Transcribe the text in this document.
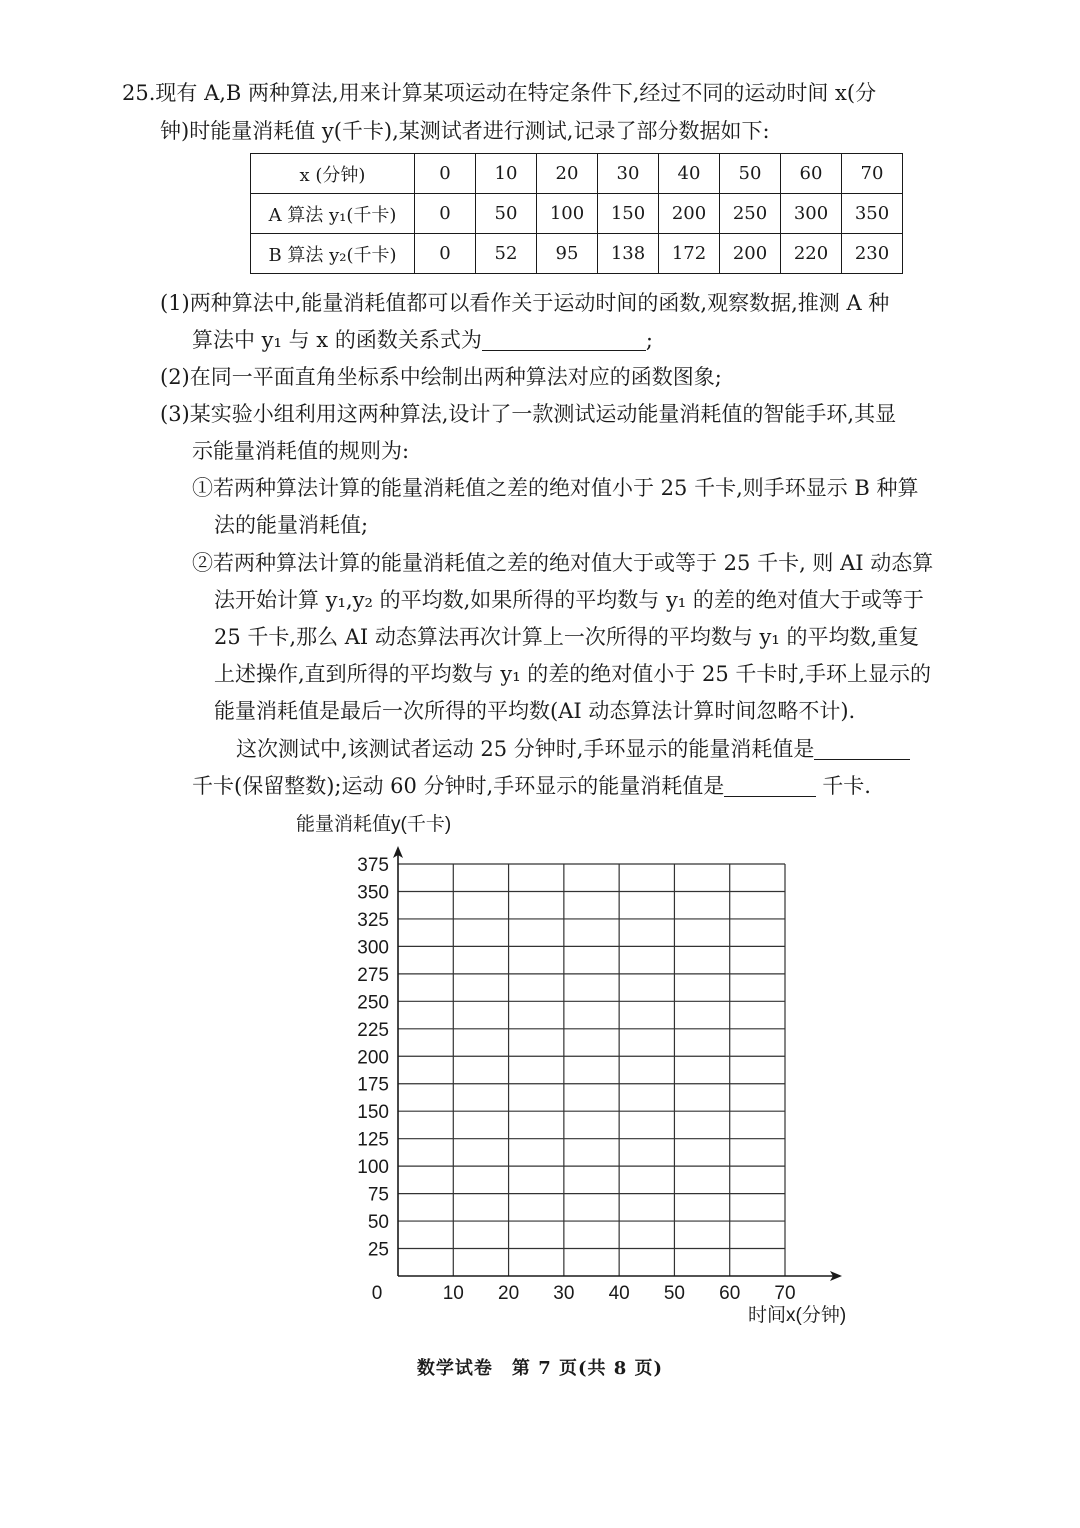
25.现有 A,B 两种算法,用来计算某项运动在特定条件下,经过不同的运动时间 x(分
钟)时能量消耗值 y(千卡),某测试者进行测试,记录了部分数据如下:
x (分钟)	0	10	20	30	40	50	60	70
A 算法 y₁(千卡)	0	50	100	150	200	250	300	350
B 算法 y₂(千卡)	0	52	95	138	172	200	220	230
(1)两种算法中,能量消耗值都可以看作关于运动时间的函数,观察数据,推测 A 种
算法中 y₁ 与 x 的函数关系式为	;
(2)在同一平面直角坐标系中绘制出两种算法对应的函数图象;
(3)某实验小组利用这两种算法,设计了一款测试运动能量消耗值的智能手环,其显
示能量消耗值的规则为:
①若两种算法计算的能量消耗值之差的绝对值小于 25 千卡,则手环显示 B 种算
法的能量消耗值;
②若两种算法计算的能量消耗值之差的绝对值大于或等于 25 千卡, 则 AI 动态算
法开始计算 y₁,y₂ 的平均数,如果所得的平均数与 y₁ 的差的绝对值大于或等于
25 千卡,那么 AI 动态算法再次计算上一次所得的平均数与 y₁ 的平均数,重复
上述操作,直到所得的平均数与 y₁ 的差的绝对值小于 25 千卡时,手环上显示的
能量消耗值是最后一次所得的平均数(AI 动态算法计算时间忽略不计).
这次测试中,该测试者运动 25 分钟时,手环显示的能量消耗值是
千卡(保留整数);运动 60 分钟时,手环显示的能量消耗值是	千卡.
25
50
75
100
125
150
175
200
225
250
275
300
325
350
375
10 20 30 40 50 60 70
0
能量消耗值y(千卡)
时间x(分钟)
数学试卷　第 7 页(共 8 页)
